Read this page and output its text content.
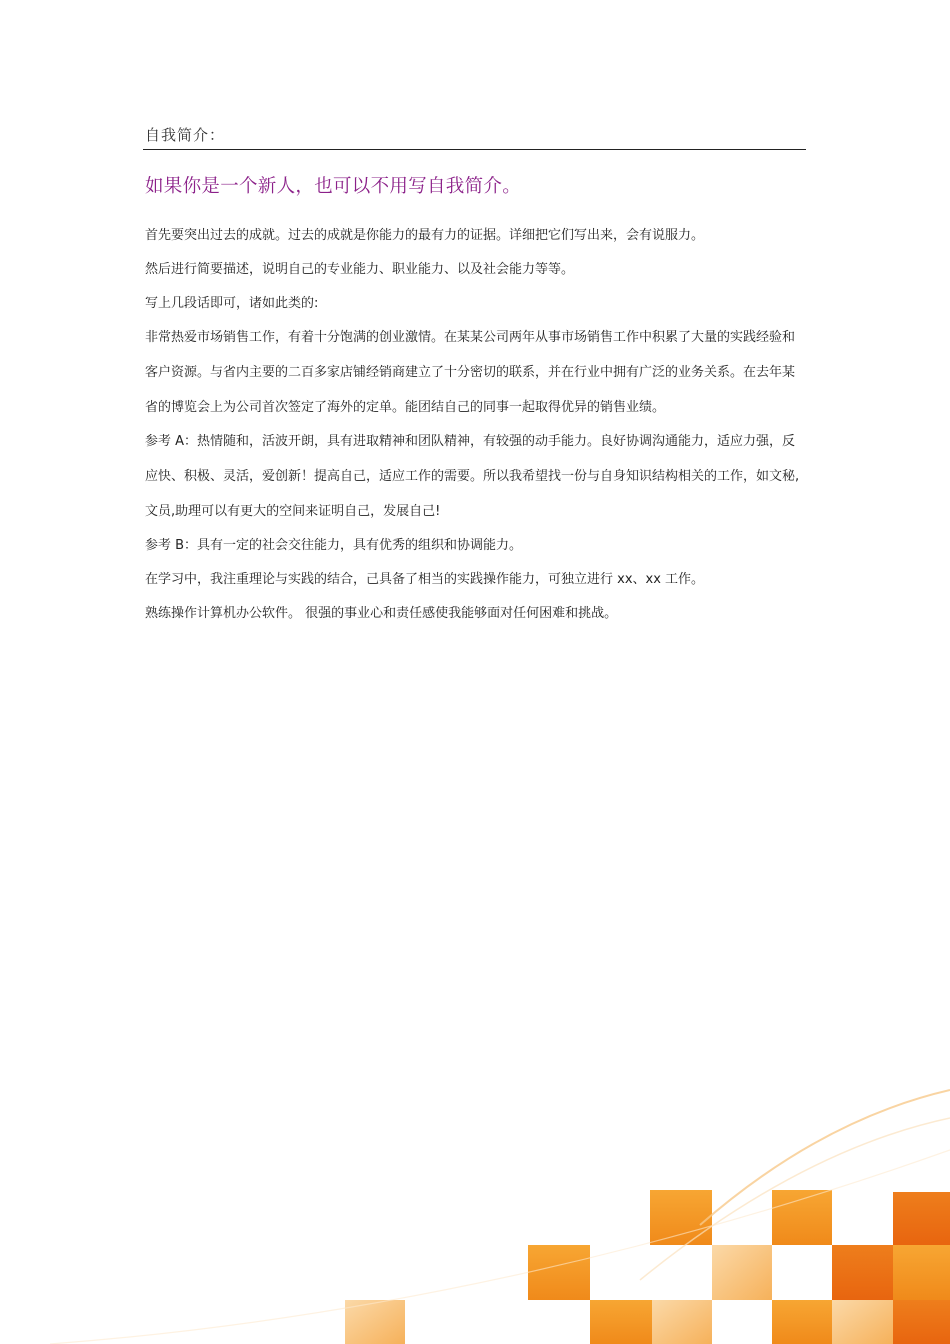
自我简介：
如果你是一个新人，也可以不用写自我简介。

首先要突出过去的成就。过去的成就是你能力的最有力的证据。详细把它们写出来，会有说服力。

然后进行简要描述，说明自己的专业能力、职业能力、以及社会能力等等。

写上几段话即可，诸如此类的:

非常热爱市场销售工作，有着十分饱满的创业激情。在某某公司两年从事市场销售工作中积累了大量的实践经验和客户资源。与省内主要的二百多家店铺经销商建立了十分密切的联系，并在行业中拥有广泛的业务关系。在去年某省的博览会上为公司首次签定了海外的定单。能团结自己的同事一起取得优异的销售业绩。

参考 A：热情随和，活波开朗，具有进取精神和团队精神，有较强的动手能力。良好协调沟通能力，适应力强，反应快、积极、灵活，爱创新！提高自己，适应工作的需要。所以我希望找一份与自身知识结构相关的工作，如文秘,文员,助理可以有更大的空间来证明自己，发展自己!

参考 B：具有一定的社会交往能力，具有优秀的组织和协调能力。

在学习中，我注重理论与实践的结合，己具备了相当的实践操作能力，可独立进行 xx、xx 工作。

熟练操作计算机办公软件。 很强的事业心和责任感使我能够面对任何困难和挑战。
